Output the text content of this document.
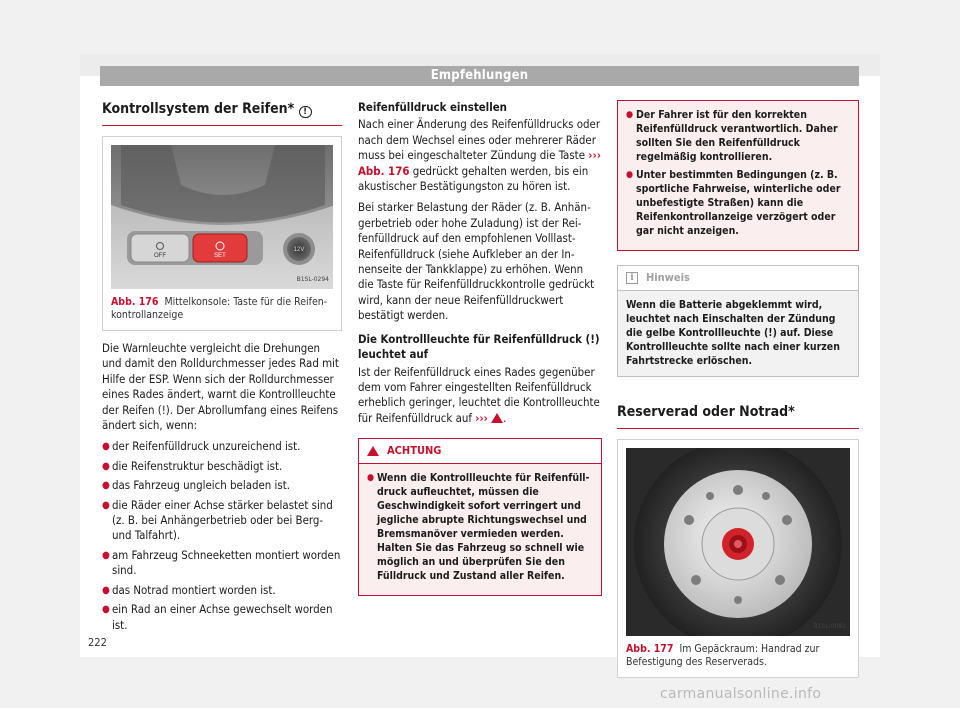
Empfehlungen
Kontrollsystem der Reifen* !
OFF	SET
12V
B1SL-0294
Abb. 176 Mittelkonsole: Taste für die Reifenkontrollanzeige

Die Warnleuchte vergleicht die Drehungen und damit den Rolldurchmesser jedes Rad mit Hilfe der ESP. Wenn sich der Rolldurchmesser eines Rades ändert, warnt die Kontrollleuchte der Reifen (!). Der Abrollumfang eines Reifens ändert sich, wenn:

● der Reifenfülldruck unzureichend ist.
● die Reifenstruktur beschädigt ist.
● das Fahrzeug ungleich beladen ist.
● die Räder einer Achse stärker belastet sind (z. B. bei Anhängerbetrieb oder bei Berg- und Talfahrt).
● am Fahrzeug Schneeketten montiert worden sind.
● das Notrad montiert worden ist.
● ein Rad an einer Achse gewechselt worden ist.
Reifenfülldruck einstellen

Nach einer Änderung des Reifenfülldrucks oder nach dem Wechsel eines oder mehrerer Räder muss bei eingeschalteter Zündung die Taste ››› Abb. 176 gedrückt gehalten werden, bis ein akustischer Bestätigungston zu hören ist.

Bei starker Belastung der Räder (z. B. Anhängerbetrieb oder hohe Zuladung) ist der Reifenfülldruck auf den empfohlenen Volllast-Reifenfülldruck (siehe Aufkleber an der Innenseite der Tankklappe) zu erhöhen. Wenn die Taste für Reifenfülldruckkontrolle gedrückt wird, kann der neue Reifenfülldruckwert bestätigt werden.

Die Kontrollleuchte für Reifenfülldruck (!) leuchtet auf

Ist der Reifenfülldruck eines Rades gegenüber dem vom Fahrer eingestellten Reifenfülldruck erheblich geringer, leuchtet die Kontrollleuchte für Reifenfülldruck auf ››› .

ACHTUNG
● Wenn die Kontrollleuchte für Reifenfülldruck aufleuchtet, müssen die Geschwindigkeit sofort verringert und jegliche abrupte Richtungswechsel und Bremsmanöver vermieden werden. Halten Sie das Fahrzeug so schnell wie möglich an und überprüfen Sie den Fülldruck und Zustand aller Reifen.
● Der Fahrer ist für den korrekten Reifenfülldruck verantwortlich. Daher sollten Sie den Reifenfülldruck regelmäßig kontrollieren.
● Unter bestimmten Bedingungen (z. B. sportliche Fahrweise, winterliche oder unbefestigte Straßen) kann die Reifenkontrollanzeige verzögert oder gar nicht anzeigen.
i	Hinweis
Wenn die Batterie abgeklemmt wird, leuchtet nach Einschalten der Zündung die gelbe Kontrollleuchte (!) auf. Diese Kontrollleuchte sollte nach einer kurzen Fahrtstrecke erlöschen.
Reserverad oder Notrad*
B1SL-0081
Abb. 177 Im Gepäckraum: Handrad zur Befestigung des Reserverads.
222
carmanualsonline.info
